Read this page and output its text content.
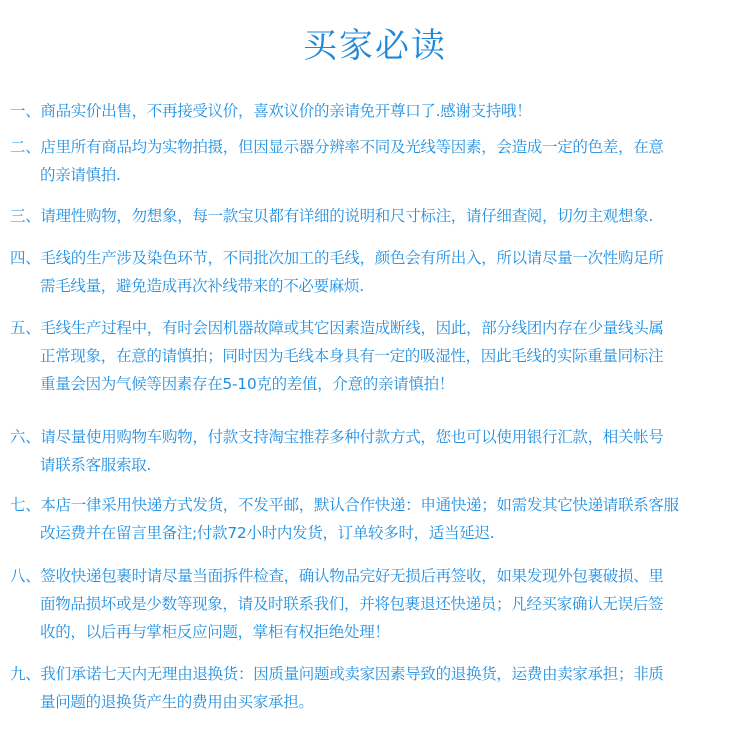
买家必读

一、商品实价出售，不再接受议价，喜欢议价的亲请免开尊口了.感谢支持哦！

二、店里所有商品均为实物拍摄，但因显示器分辨率不同及光线等因素，会造成一定的色差，在意
的亲请慎拍.

三、请理性购物，勿想象，每一款宝贝都有详细的说明和尺寸标注，请仔细查阅，切勿主观想象.

四、毛线的生产涉及染色环节，不同批次加工的毛线，颜色会有所出入，所以请尽量一次性购足所
需毛线量，避免造成再次补线带来的不必要麻烦.

五、毛线生产过程中，有时会因机器故障或其它因素造成断线，因此，部分线团内存在少量线头属
正常现象，在意的请慎拍；同时因为毛线本身具有一定的吸湿性，因此毛线的实际重量同标注
重量会因为气候等因素存在5-10克的差值，介意的亲请慎拍！

六、请尽量使用购物车购物，付款支持淘宝推荐多种付款方式，您也可以使用银行汇款，相关帐号
请联系客服索取.

七、本店一律采用快递方式发货，不发平邮，默认合作快递：申通快递；如需发其它快递请联系客服
改运费并在留言里备注;付款72小时内发货，订单较多时，适当延迟.

八、签收快递包裹时请尽量当面拆件检查，确认物品完好无损后再签收，如果发现外包裹破损、里
面物品损坏或是少数等现象，请及时联系我们，并将包裹退还快递员；凡经买家确认无误后签
收的，以后再与掌柜反应问题，掌柜有权拒绝处理！

九、我们承诺七天内无理由退换货：因质量问题或卖家因素导致的退换货，运费由卖家承担；非质
量问题的退换货产生的费用由买家承担。
